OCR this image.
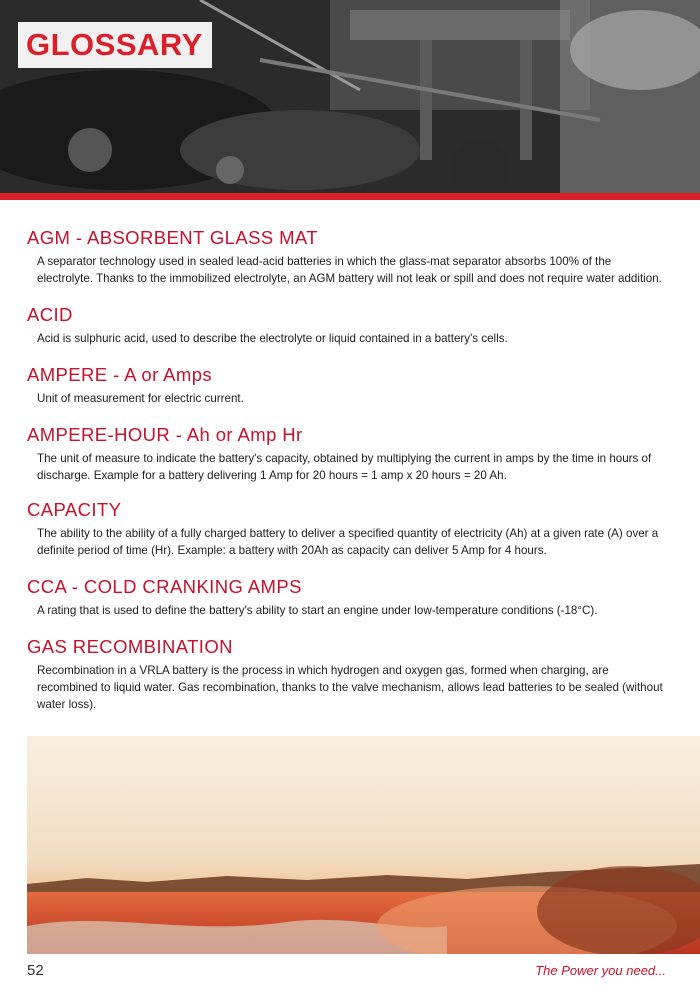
GLOSSARY
AGM - ABSORBENT GLASS MAT
A separator technology used in sealed lead-acid batteries in which the glass-mat separator absorbs 100% of the electrolyte. Thanks to the immobilized electrolyte, an AGM battery will not leak or spill and does not require water addition.
ACID
Acid is sulphuric acid, used to describe the electrolyte or liquid contained in a battery's cells.
AMPERE - A or Amps
Unit of measurement for electric current.
AMPERE-HOUR - Ah or Amp Hr
The unit of measure to indicate the battery's capacity, obtained by multiplying the current in amps by the time in hours of discharge. Example for a battery delivering 1 Amp for 20 hours = 1 amp x 20 hours = 20 Ah.
CAPACITY
The ability to the ability of a fully charged battery to deliver a specified quantity of electricity (Ah) at a given rate (A) over a definite period of time (Hr). Example: a battery with 20Ah as capacity can deliver 5 Amp for 4 hours.
CCA - COLD CRANKING AMPS
A rating that is used to define the battery's ability to start an engine under low-temperature conditions (-18°C).
GAS RECOMBINATION
Recombination in a VRLA battery is the process in which hydrogen and oxygen gas, formed when charging, are recombined to liquid water. Gas recombination, thanks to the valve mechanism, allows lead batteries to be sealed (without water loss).
52	The Power you need...
